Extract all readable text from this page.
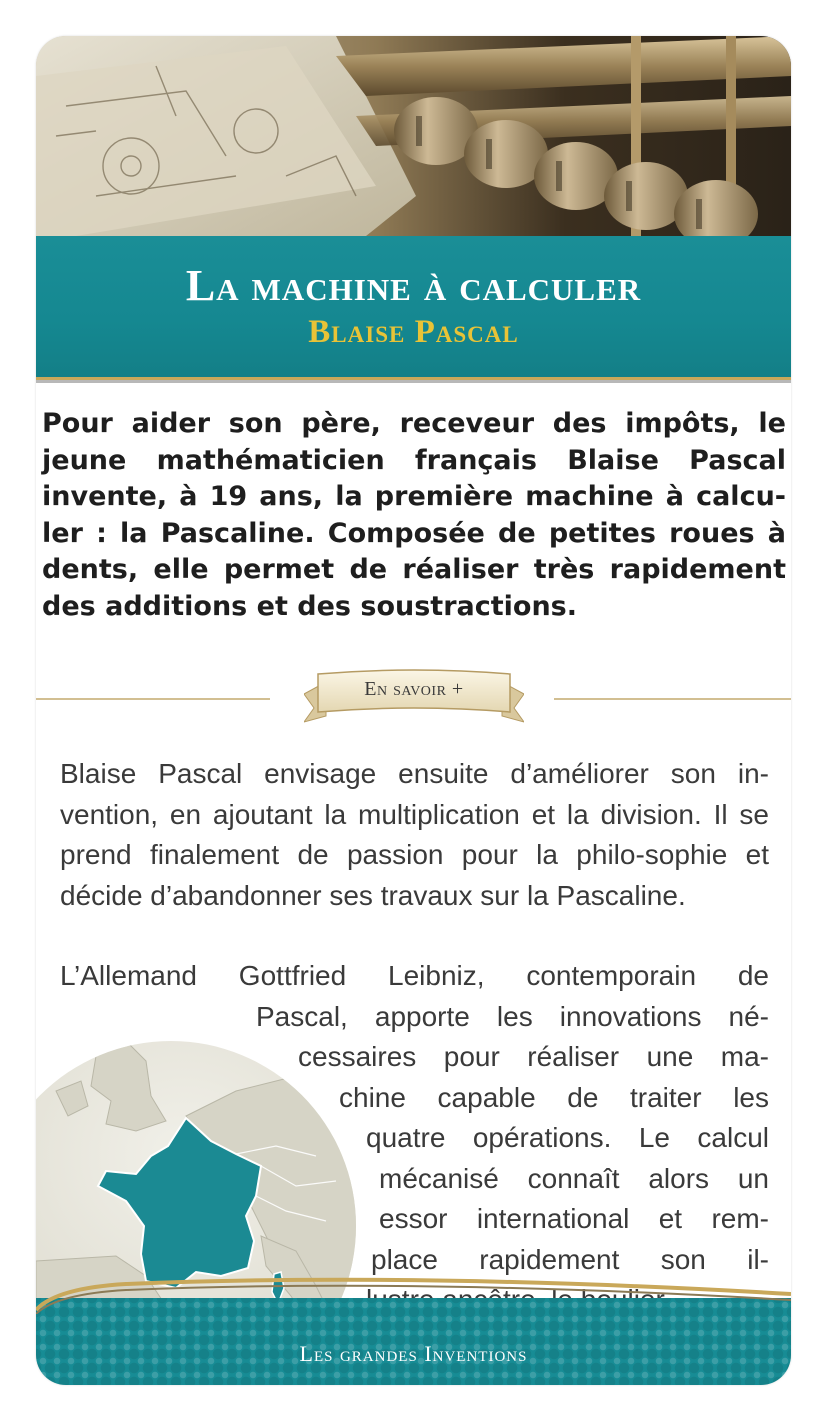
La machine à calculer
Blaise Pascal

Pour aider son père, receveur des impôts, le jeune mathématicien français Blaise Pascal invente, à 19 ans, la première machine à calcu-ler : la Pascaline. Composée de petites roues à dents, elle permet de réaliser très rapidement des additions et des soustractions.

En savoir +

Blaise Pascal envisage ensuite d’améliorer son in-vention, en ajoutant la multiplication et la division. Il se prend finalement de passion pour la philo-sophie et décide d’abandonner ses travaux sur la Pascaline.

L’Allemand Gottfried Leibniz, contemporain de
Pascal, apporte les innovations né-
cessaires pour réaliser une ma-
chine capable de traiter les
quatre opérations. Le calcul
mécanisé connaît alors un
essor international et rem-
place rapidement son il-
Les grandes Inventions
